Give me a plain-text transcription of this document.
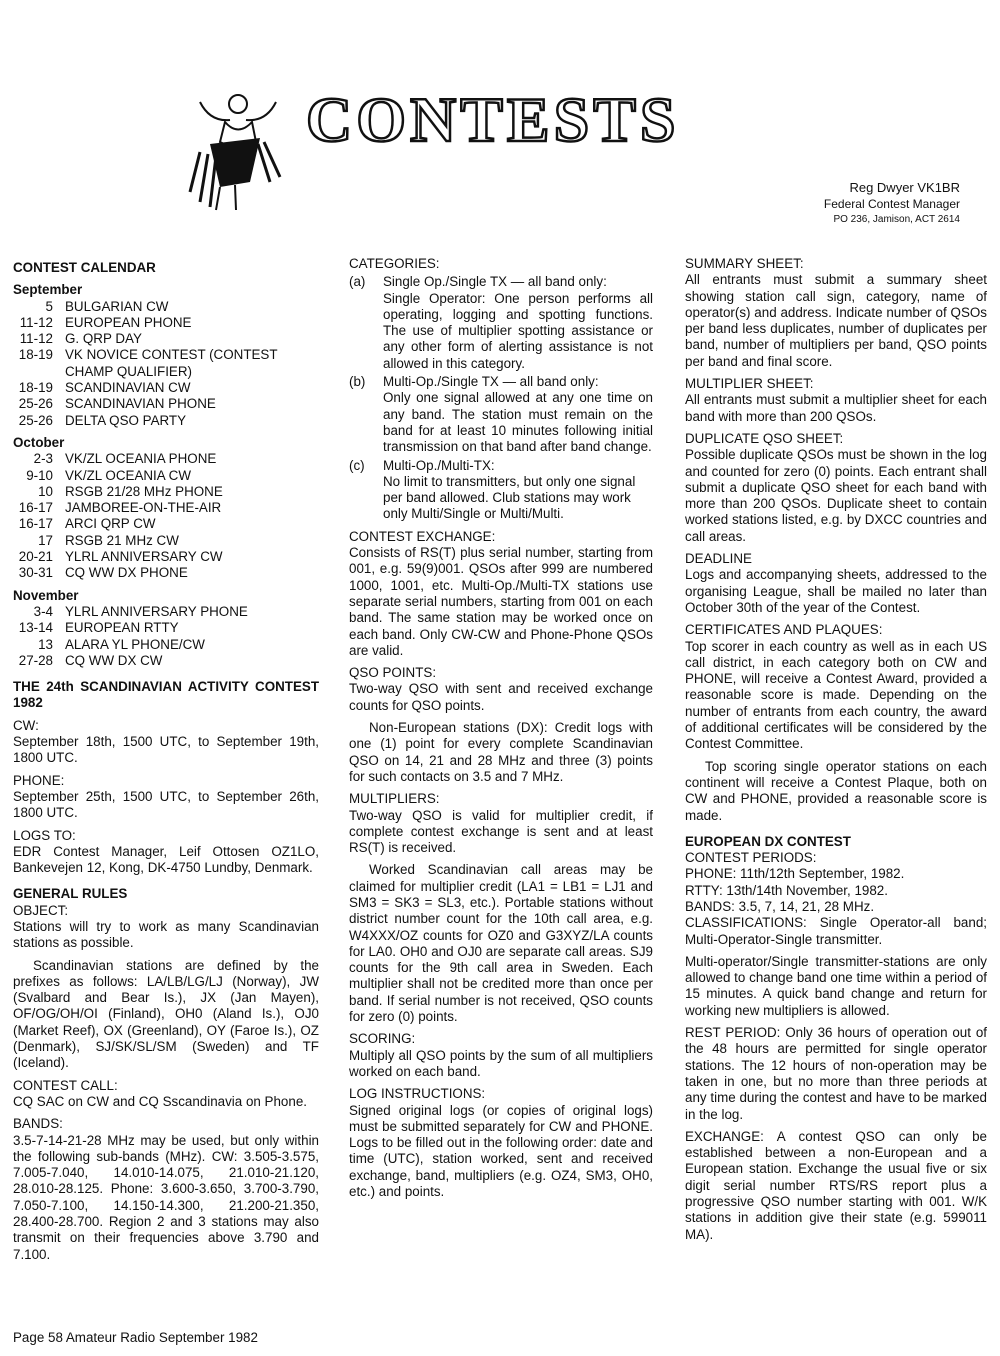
CONTESTS
Reg Dwyer VK1BR
Federal Contest Manager
PO 236, Jamison, ACT 2614

CONTEST CALENDAR

September

5 BULGARIAN CW
11-12 EUROPEAN PHONE
11-12 G. QRP DAY
18-19 VK NOVICE CONTEST (CONTEST CHAMP QUALIFIER)
18-19 SCANDINAVIAN CW
25-26 SCANDINAVIAN PHONE
25-26 DELTA QSO PARTY

October

2-3 VK/ZL OCEANIA PHONE
9-10 VK/ZL OCEANIA CW
10 RSGB 21/28 MHz PHONE
16-17 JAMBOREE-ON-THE-AIR
16-17 ARCI QRP CW
17 RSGB 21 MHz CW
20-21 YLRL ANNIVERSARY CW
30-31 CQ WW DX PHONE

November

3-4 YLRL ANNIVERSARY PHONE
13-14 EUROPEAN RTTY
13 ALARA YL PHONE/CW
27-28 CQ WW DX CW

THE 24th SCANDINAVIAN ACTIVITY CONTEST 1982

CW:

September 18th, 1500 UTC, to September 19th, 1800 UTC.

PHONE:

September 25th, 1500 UTC, to September 26th, 1800 UTC.

LOGS TO:

EDR Contest Manager, Leif Ottosen OZ1LO, Bankevejen 12, Kong, DK-4750 Lundby, Denmark.

GENERAL RULES

OBJECT:

Stations will try to work as many Scandinavian stations as possible.

Scandinavian stations are defined by the prefixes as follows: LA/LB/LG/LJ (Norway), JW (Svalbard and Bear Is.), JX (Jan Mayen), OF/OG/OH/OI (Finland), OH0 (Aland Is.), OJ0 (Market Reef), OX (Greenland), OY (Faroe Is.), OZ (Denmark), SJ/SK/SL/SM (Sweden) and TF (Iceland).

CONTEST CALL:

CQ SAC on CW and CQ Sscandinavia on Phone.

BANDS:

3.5-7-14-21-28 MHz may be used, but only within the following sub-bands (MHz). CW: 3.505-3.575, 7.005-7.040, 14.010-14.075, 21.010-21.120, 28.010-28.125. Phone: 3.600-3.650, 3.700-3.790, 7.050-7.100, 14.150-14.300, 21.200-21.350, 28.400-28.700. Region 2 and 3 stations may also transmit on their frequencies above 3.790 and 7.100.

CATEGORIES:

(a)	Single Op./Single TX — all band only:

Single Operator: One person performs all operating, logging and spotting functions. The use of multiplier spotting assistance or any other form of alerting assistance is not allowed in this category.

(b)	Multi-Op./Single TX — all band only:

Only one signal allowed at any one time on any band. The station must remain on the band for at least 10 minutes following initial transmission on that band after band change.

(c)	Multi-Op./Multi-TX:

No limit to transmitters, but only one signal per band allowed. Club stations may work only Multi/Single or Multi/Multi.

CONTEST EXCHANGE:

Consists of RS(T) plus serial number, starting from 001, e.g. 59(9)001. QSOs after 999 are numbered 1000, 1001, etc. Multi-Op./Multi-TX stations use separate serial numbers, starting from 001 on each band. The same station may be worked once on each band. Only CW-CW and Phone-Phone QSOs are valid.

QSO POINTS:

Two-way QSO with sent and received exchange counts for QSO points.

Non-European stations (DX): Credit logs with one (1) point for every complete Scandinavian QSO on 14, 21 and 28 MHz and three (3) points for such contacts on 3.5 and 7 MHz.

MULTIPLIERS:

Two-way QSO is valid for multiplier credit, if complete contest exchange is sent and at least RS(T) is received.

Worked Scandinavian call areas may be claimed for multiplier credit (LA1 = LB1 = LJ1 and SM3 = SK3 = SL3, etc.). Portable stations without district number count for the 10th call area, e.g. W4XXX/OZ counts for OZ0 and G3XYZ/LA counts for LA0. OH0 and OJ0 are separate call areas. SJ9 counts for the 9th call area in Sweden. Each multiplier shall not be credited more than once per band. If serial number is not received, QSO counts for zero (0) points.

SCORING:

Multiply all QSO points by the sum of all multipliers worked on each band.

LOG INSTRUCTIONS:

Signed original logs (or copies of original logs) must be submitted separately for CW and PHONE. Logs to be filled out in the following order: date and time (UTC), station worked, sent and received exchange, band, multipliers (e.g. OZ4, SM3, OH0, etc.) and points.

SUMMARY SHEET:

All entrants must submit a summary sheet showing station call sign, category, name of operator(s) and address. Indicate number of QSOs per band less duplicates, number of duplicates per band, number of multipliers per band, QSO points per band and final score.

MULTIPLIER SHEET:

All entrants must submit a multiplier sheet for each band with more than 200 QSOs.

DUPLICATE QSO SHEET:

Possible duplicate QSOs must be shown in the log and counted for zero (0) points. Each entrant shall submit a duplicate QSO sheet for each band with more than 200 QSOs. Duplicate sheet to contain worked stations listed, e.g. by DXCC countries and call areas.

DEADLINE

Logs and accompanying sheets, addressed to the organising League, shall be mailed no later than October 30th of the year of the Contest.

CERTIFICATES AND PLAQUES:

Top scorer in each country as well as in each US call district, in each category both on CW and PHONE, will receive a Contest Award, provided a reasonable score is made. Depending on the number of entrants from each country, the award of additional certificates will be considered by the Contest Committee.

Top scoring single operator stations on each continent will receive a Contest Plaque, both on CW and PHONE, provided a reasonable score is made.

EUROPEAN DX CONTEST

CONTEST PERIODS:

PHONE: 11th/12th September, 1982.

RTTY: 13th/14th November, 1982.

BANDS: 3.5, 7, 14, 21, 28 MHz.

CLASSIFICATIONS: Single Operator-all band; Multi-Operator-Single transmitter.

Multi-operator/Single transmitter-stations are only allowed to change band one time within a period of 15 minutes. A quick band change and return for working new multipliers is allowed.

REST PERIOD: Only 36 hours of operation out of the 48 hours are permitted for single operator stations. The 12 hours of non-operation may be taken in one, but no more than three periods at any time during the contest and have to be marked in the log.

EXCHANGE: A contest QSO can only be established between a non-European and a European station. Exchange the usual five or six digit serial number RTS/RS report plus a progressive QSO number starting with 001. W/K stations in addition give their state (e.g. 599011 MA).

Page 58 Amateur Radio September 1982
